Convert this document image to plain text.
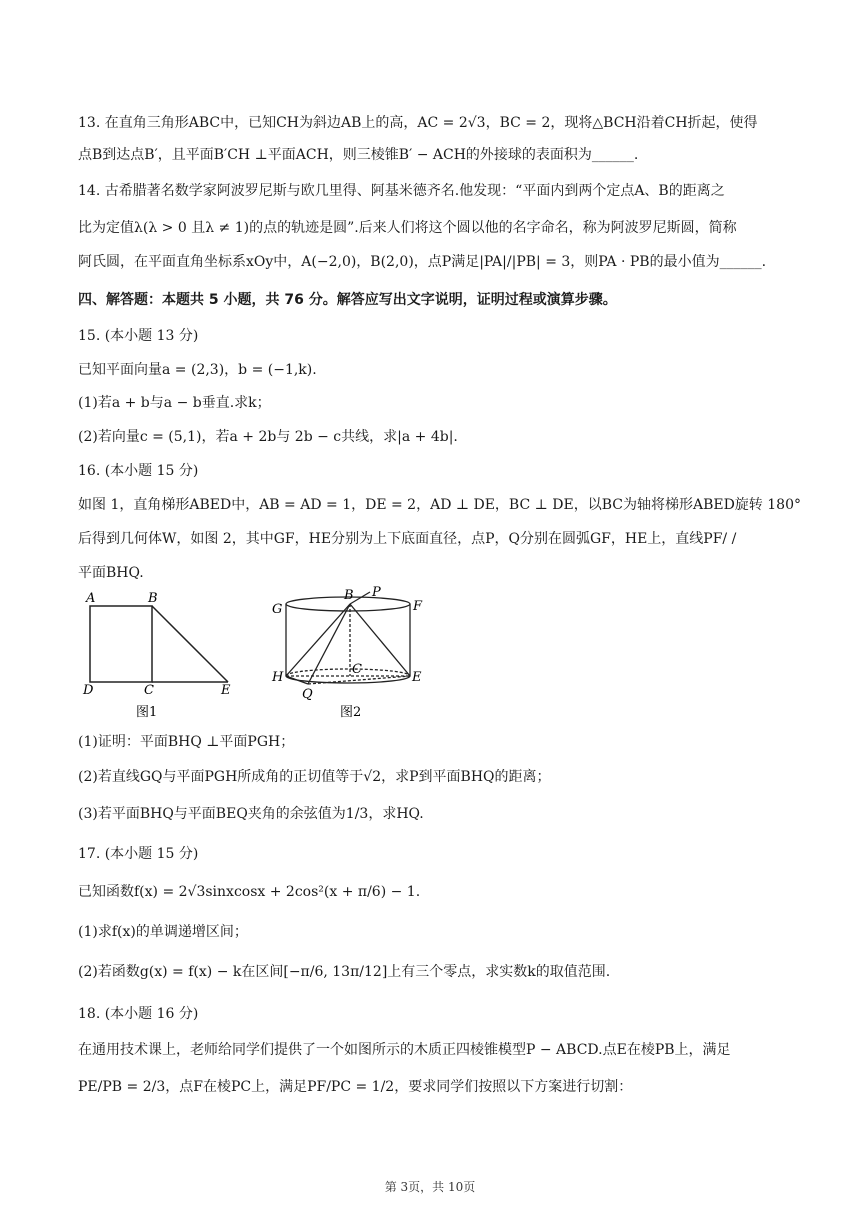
13. 在直角三角形ABC中，已知CH为斜边AB上的高，AC = 2√3，BC = 2，现将△BCH沿着CH折起，使得
点B到达点B′，且平面B′CH ⊥平面ACH，则三棱锥B′ − ACH的外接球的表面积为______.
14. 古希腊著名数学家阿波罗尼斯与欧几里得、阿基米德齐名.他发现：“平面内到两个定点A、B的距离之
比为定值λ(λ > 0 且λ ≠ 1)的点的轨迹是圆”.后来人们将这个圆以他的名字命名，称为阿波罗尼斯圆，简称
阿氏圆，在平面直角坐标系xOy中，A(−2,0)，B(2,0)，点P满足|PA|/|PB| = 3，则PA · PB的最小值为______.
四、解答题：本题共 5 小题，共 76 分。解答应写出文字说明，证明过程或演算步骤。
15. (本小题 13 分)
已知平面向量a = (2,3)，b = (−1,k).
(1)若a + b与a − b垂直.求k；
(2)若向量c = (5,1)，若a + 2b与 2b − c共线，求|a + 4b|.
16. (本小题 15 分)
如图 1，直角梯形ABED中，AB = AD = 1，DE = 2，AD ⊥ DE，BC ⊥ DE，以BC为轴将梯形ABED旋转 180°
后得到几何体W，如图 2，其中GF，HE分别为上下底面直径，点P，Q分别在圆弧GF，HE上，直线PF/ /
平面BHQ.
A	B
D	C	E
图1
G
B P
F
H
C
E
Q
图2
(1)证明：平面BHQ ⊥平面PGH；
(2)若直线GQ与平面PGH所成角的正切值等于√2，求P到平面BHQ的距离；
(3)若平面BHQ与平面BEQ夹角的余弦值为1/3，求HQ.
17. (本小题 15 分)
已知函数f(x) = 2√3sinxcosx + 2cos²(x + π/6) − 1.
(1)求f(x)的单调递增区间；
(2)若函数g(x) = f(x) − k在区间[−π/6, 13π/12]上有三个零点，求实数k的取值范围.
18. (本小题 16 分)
在通用技术课上，老师给同学们提供了一个如图所示的木质正四棱锥模型P − ABCD.点E在棱PB上，满足
PE/PB = 2/3，点F在棱PC上，满足PF/PC = 1/2，要求同学们按照以下方案进行切割：
第 3页，共 10页
